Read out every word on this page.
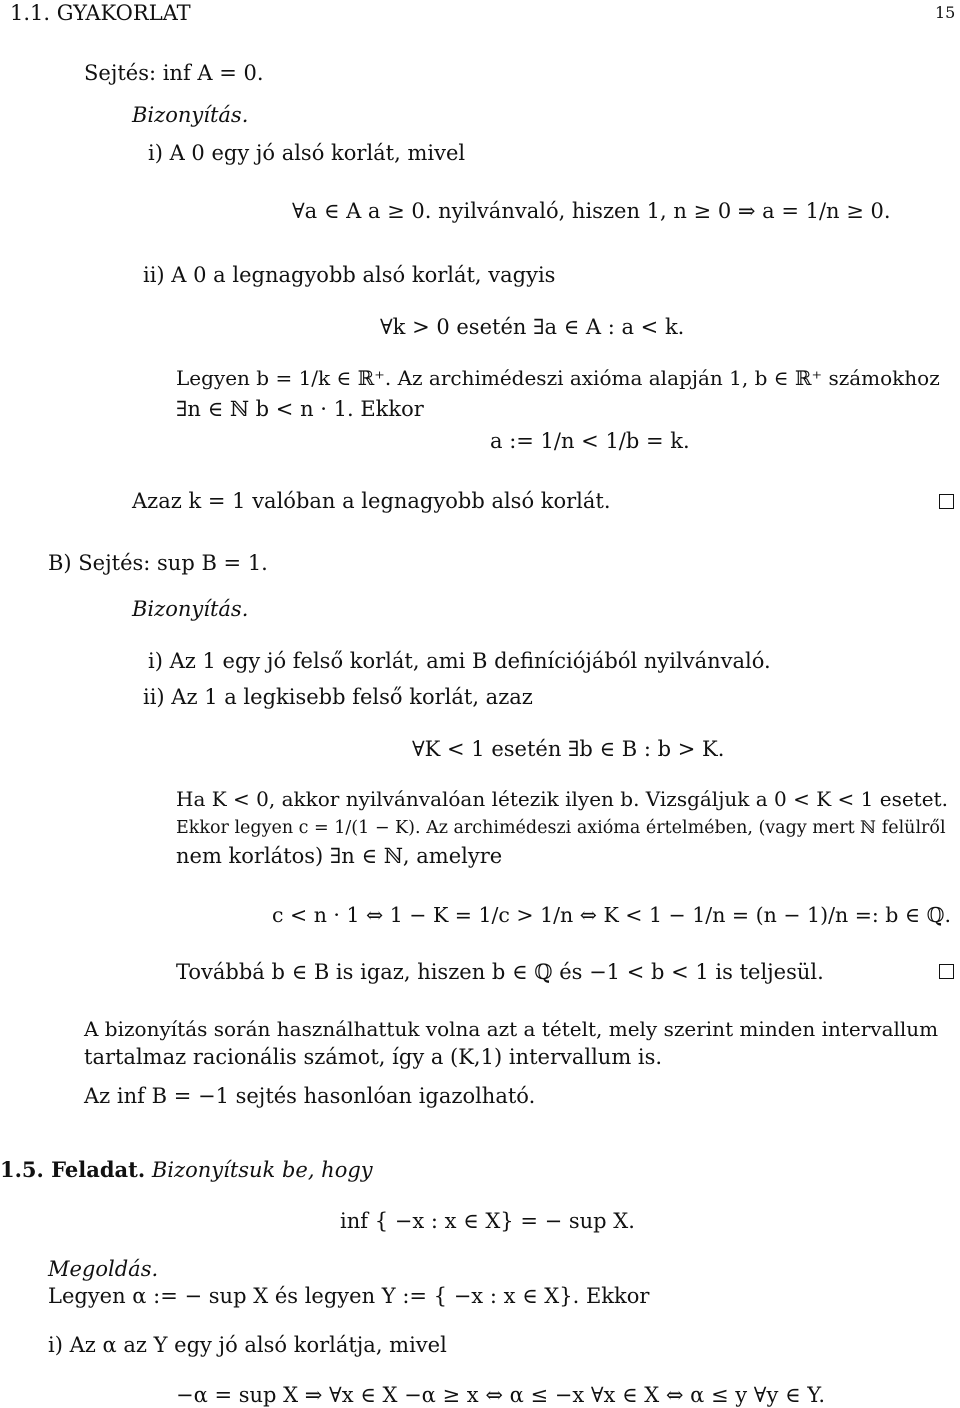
1.1. GYAKORLAT	15
Sejtés: inf A = 0.
Bizonyítás.
i) A 0 egy jó alsó korlát, mivel
∀a ∈ A a ≥ 0. nyilvánvaló, hiszen 1, n ≥ 0 ⇒ a = 1/n ≥ 0.
ii) A 0 a legnagyobb alsó korlát, vagyis
∀k > 0 esetén ∃a ∈ A : a < k.
Legyen b = 1/k ∈ ℝ⁺. Az archimédeszi axióma alapján 1, b ∈ ℝ⁺ számokhoz
∃n ∈ ℕ b < n · 1. Ekkor
a := 1/n < 1/b = k.
Azaz k = 1 valóban a legnagyobb alsó korlát.
B) Sejtés: sup B = 1.
Bizonyítás.
i) Az 1 egy jó felső korlát, ami B definíciójából nyilvánvaló.
ii) Az 1 a legkisebb felső korlát, azaz
∀K < 1 esetén ∃b ∈ B : b > K.
Ha K < 0, akkor nyilvánvalóan létezik ilyen b. Vizsgáljuk a 0 < K < 1 esetet.
Ekkor legyen c = 1/(1 − K). Az archimédeszi axióma értelmében, (vagy mert ℕ felülről
nem korlátos) ∃n ∈ ℕ, amelyre
c < n · 1 ⇔ 1 − K = 1/c > 1/n ⇔ K < 1 − 1/n = (n − 1)/n =: b ∈ ℚ.
Továbbá b ∈ B is igaz, hiszen b ∈ ℚ és −1 < b < 1 is teljesül.
A bizonyítás során használhattuk volna azt a tételt, mely szerint minden intervallum
tartalmaz racionális számot, így a (K,1) intervallum is.
Az inf B = −1 sejtés hasonlóan igazolható.
1.5. Feladat. Bizonyítsuk be, hogy
inf { −x : x ∈ X} = − sup X.
Megoldás.
Legyen α := − sup X és legyen Y := { −x : x ∈ X}. Ekkor
i) Az α az Y egy jó alsó korlátja, mivel
−α = sup X ⇒ ∀x ∈ X −α ≥ x ⇔ α ≤ −x ∀x ∈ X ⇔ α ≤ y ∀y ∈ Y.
